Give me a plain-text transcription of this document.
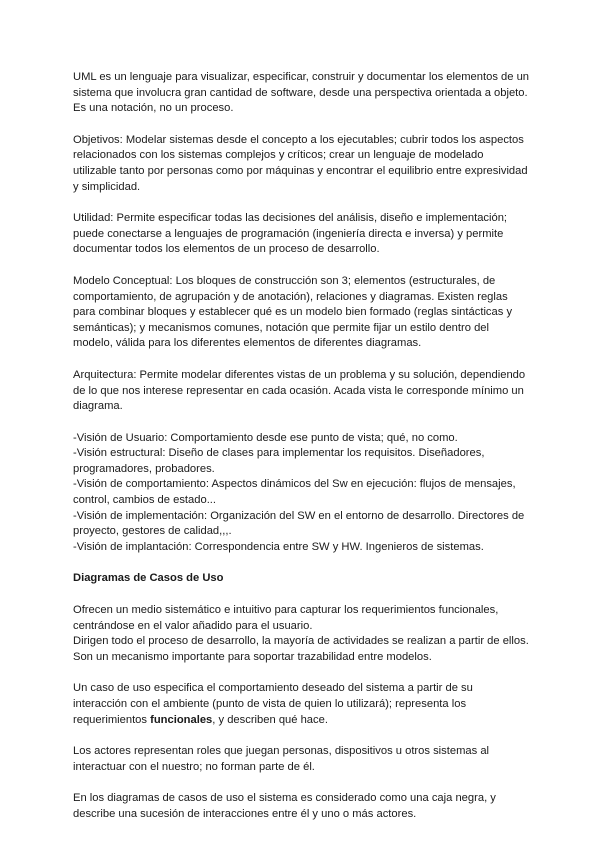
UML es un lenguaje para visualizar, especificar, construir y documentar los elementos de un sistema que involucra gran cantidad de software, desde una perspectiva orientada a objeto. Es una notación, no un proceso.

Objetivos: Modelar sistemas desde el concepto a los ejecutables; cubrir todos los aspectos relacionados con los sistemas complejos y críticos; crear un lenguaje de modelado utilizable tanto por personas como por máquinas y encontrar el equilibrio entre expresividad y simplicidad.

Utilidad: Permite especificar todas las decisiones del análisis, diseño e implementación; puede conectarse a lenguajes de programación (ingeniería directa e inversa) y permite documentar todos los elementos de un proceso de desarrollo.

Modelo Conceptual: Los bloques de construcción son 3; elementos (estructurales, de comportamiento, de agrupación y de anotación), relaciones y diagramas. Existen reglas para combinar bloques y establecer qué es un modelo bien formado (reglas sintácticas y semánticas); y mecanismos comunes, notación que permite fijar un estilo dentro del modelo, válida para los diferentes elementos de diferentes diagramas.

Arquitectura: Permite modelar diferentes vistas de un problema y su solución, dependiendo de lo que nos interese representar en cada ocasión. Acada vista le corresponde mínimo un diagrama.

-Visión de Usuario: Comportamiento desde ese punto de vista; qué, no como.

-Visión estructural: Diseño de clases para implementar los requisitos. Diseñadores, programadores, probadores.

-Visión de comportamiento: Aspectos dinámicos del Sw en ejecución: flujos de mensajes, control, cambios de estado...

-Visión de implementación: Organización del SW en el entorno de desarrollo. Directores de proyecto, gestores de calidad,,,.

-Visión de implantación: Correspondencia entre SW y HW. Ingenieros de sistemas.

Diagramas de Casos de Uso

Ofrecen un medio sistemático e intuitivo para capturar los requerimientos funcionales, centrándose en el valor añadido para el usuario.

Dirigen todo el proceso de desarrollo, la mayoría de actividades se realizan a partir de ellos.

Son un mecanismo importante para soportar trazabilidad entre modelos.

Un caso de uso especifica el comportamiento deseado del sistema a partir de su interacción con el ambiente (punto de vista de quien lo utilizará); representa los requerimientos funcionales, y describen qué hace.

Los actores representan roles que juegan personas, dispositivos u otros sistemas al interactuar con el nuestro; no forman parte de él.

En los diagramas de casos de uso el sistema es considerado como una caja negra, y describe una sucesión de interacciones entre él y uno o más actores.
